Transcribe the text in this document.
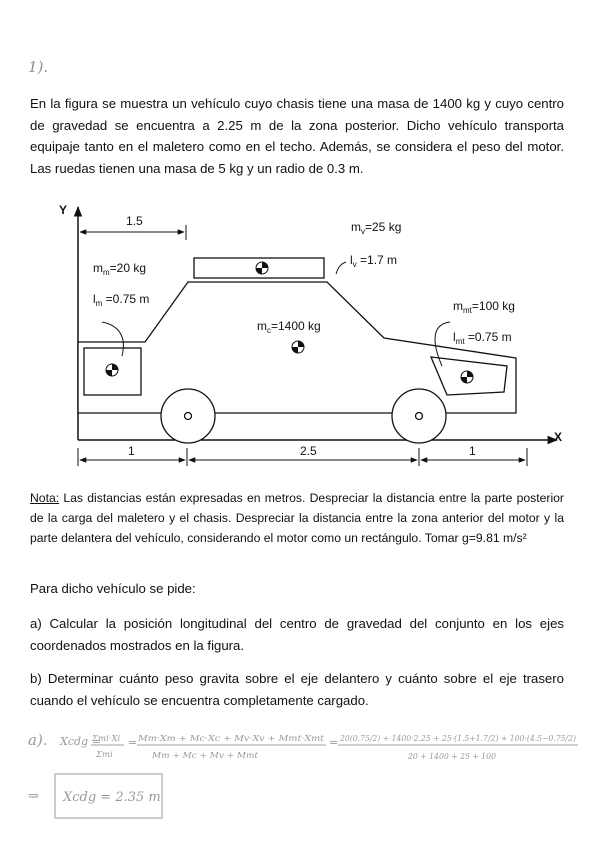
1).

En la figura se muestra un vehículo cuyo chasis tiene una masa de 1400 kg y cuyo centro de gravedad se encuentra a 2.25 m de la zona posterior. Dicho vehículo transporta equipaje tanto en el maletero como en el techo. Además, se considera el peso del motor. Las ruedas tienen una masa de 5 kg y un radio de 0.3 m.

Y
X
1.5	$m_v=25$ kg
$l_v =1.7$ m
$m_m=20$ kg
$l_m =0.75$ m
$m_c=1400$ kg
$m_{mt}=100$ kg
$l_{mt} =0.75$ m
1	2.5	1

Nota: Las distancias están expresadas en metros. Despreciar la distancia entre la parte posterior de la carga del maletero y el chasis. Despreciar la distancia entre la zona anterior del motor y la parte delantera del vehículo, considerando el motor como un rectángulo. Tomar g=9.81 m/s²

Para dicho vehículo se pide:

a) Calcular la posición longitudinal del centro de gravedad del conjunto en los ejes coordenados mostrados en la figura.

b) Determinar cuánto peso gravita sobre el eje delantero y cuánto sobre el eje trasero cuando el vehículo se encuentra completamente cargado.

a). Xcdg =
Σmi·Xi
Σmi
= Mm·Xm + Mc·Xc + Mv·Xv + Mmt·Xmt
Mm + Mc + Mv + Mmt
= 20(0.75/2) + 1400·2.25 + 25·(1.5+1.7/2) + 100·(4.5−0.75/2)
20 + 1400 + 25 + 100
⇒ Xcdg = 2.35 m
